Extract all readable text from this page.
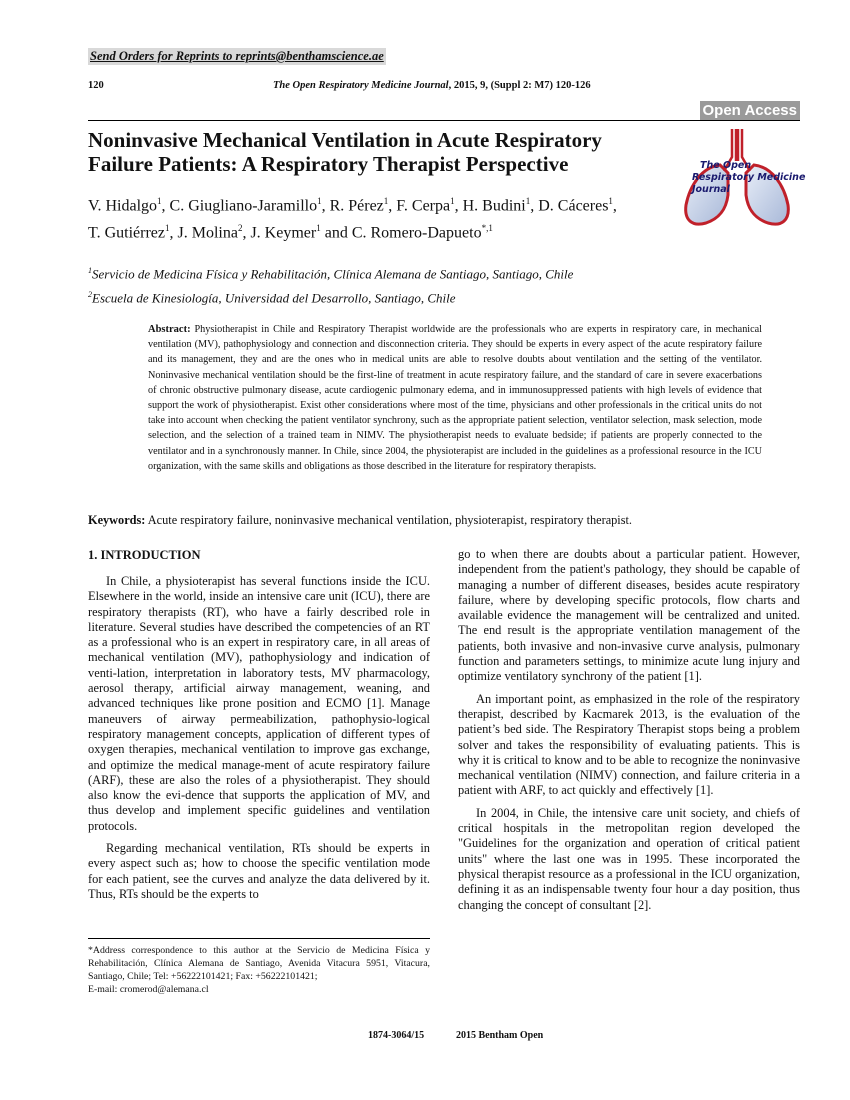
Send Orders for Reprints to reprints@benthamscience.ae
120	The Open Respiratory Medicine Journal, 2015, 9, (Suppl 2: M7) 120-126
Open Access
The Open
Respiratory Medicine
Journal
Noninvasive Mechanical Ventilation in Acute Respiratory
Failure Patients: A Respiratory Therapist Perspective
V. Hidalgo$^1$, C. Giugliano-Jaramillo$^1$, R. Pérez$^1$, F. Cerpa$^1$, H. Budini$^1$, D. Cáceres$^1$,
T. Gutiérrez$^1$, J. Molina$^2$, J. Keymer$^1$ and C. Romero-Dapueto$^{*,1}$
$^1$Servicio de Medicina Física y Rehabilitación, Clínica Alemana de Santiago, Santiago, Chile
$^2$Escuela de Kinesiología, Universidad del Desarrollo, Santiago, Chile
Abstract: Physiotherapist in Chile and Respiratory Therapist worldwide are the professionals who are experts in respiratory care, in mechanical ventilation (MV), pathophysiology and connection and disconnection criteria. They should be experts in every aspect of the acute respiratory failure and its management, they and are the ones who in medical units are able to resolve doubts about ventilation and the setting of the ventilator. Noninvasive mechanical ventilation should be the first-line of treatment in acute respiratory failure, and the standard of care in severe exacerbations of chronic obstructive pulmonary disease, acute cardiogenic pulmonary edema, and in immunosuppressed patients with high levels of evidence that support the work of physiotherapist. Exist other considerations where most of the time, physicians and other professionals in the critical units do not take into account when checking the patient ventilator synchrony, such as the appropriate patient selection, ventilator selection, mask selection, mode selection, and the selection of a trained team in NIMV. The physiotherapist needs to evaluate bedside; if patients are properly connected to the ventilator and in a synchronously manner. In Chile, since 2004, the physioterapist are included in the guidelines as a professional resource in the ICU organization, with the same skills and obligations as those described in the literature for respiratory therapists.
Keywords: Acute respiratory failure, noninvasive mechanical ventilation, physioterapist, respiratory therapist.
1. INTRODUCTION

In Chile, a physioterapist has several functions inside the ICU. Elsewhere in the world, inside an intensive care unit (ICU), there are respiratory therapists (RT), who have a fairly described role in literature. Several studies have described the competencies of an RT as a professional who is an expert in respiratory care, in all areas of mechanical ventilation (MV), pathophysiology and indication of venti-lation, interpretation in laboratory tests, MV pharmacology, aerosol therapy, artificial airway management, weaning, and advanced techniques like prone position and ECMO [1]. Manage maneuvers of airway permeabilization, pathophysio-logical respiratory management concepts, application of different types of oxygen therapies, mechanical ventilation to improve gas exchange, and optimize the medical manage-ment of acute respiratory failure (ARF), these are also the roles of a physiotherapist. They should also know the evi-dence that supports the application of MV, and thus develop and implement specific guidelines and ventilation protocols.

Regarding mechanical ventilation, RTs should be experts in every aspect such as; how to choose the specific ventilation mode for each patient, see the curves and analyze the data delivered by it. Thus, RTs should be the experts to

go to when there are doubts about a particular patient. However, independent from the patient's pathology, they should be capable of managing a number of different diseases, besides acute respiratory failure, where by developing specific protocols, flow charts and available evidence the management will be centralized and united. The end result is the appropriate ventilation management of the patients, both invasive and non-invasive curve analysis, pulmonary function and parameters settings, to minimize acute lung injury and optimize ventilatory synchrony of the patient [1].

An important point, as emphasized in the role of the respiratory therapist, described by Kacmarek 2013, is the evaluation of the patient’s bed side. The Respiratory Therapist stops being a problem solver and takes the responsibility of evaluating patients. This is why it is critical to know and to be able to recognize the noninvasive mechanical ventilation (NIMV) connection, and failure criteria in a patient with ARF, to act quickly and effectively [1].

In 2004, in Chile, the intensive care unit society, and chiefs of critical hospitals in the metropolitan region developed the "Guidelines for the organization and operation of critical patient units" where the last one was in 1995. These incorporated the physical therapist resource as a professional in the ICU organization, defining it as an indispensable twenty four hour a day position, thus changing the concept of consultant [2].

*Address correspondence to this author at the Servicio de Medicina Física y Rehabilitación, Clínica Alemana de Santiago, Avenida Vitacura 5951, Vitacura, Santiago, Chile; Tel: +56222101421; Fax: +56222101421;
E-mail: cromerod@alemana.cl
1874-3064/15	2015 Bentham Open
